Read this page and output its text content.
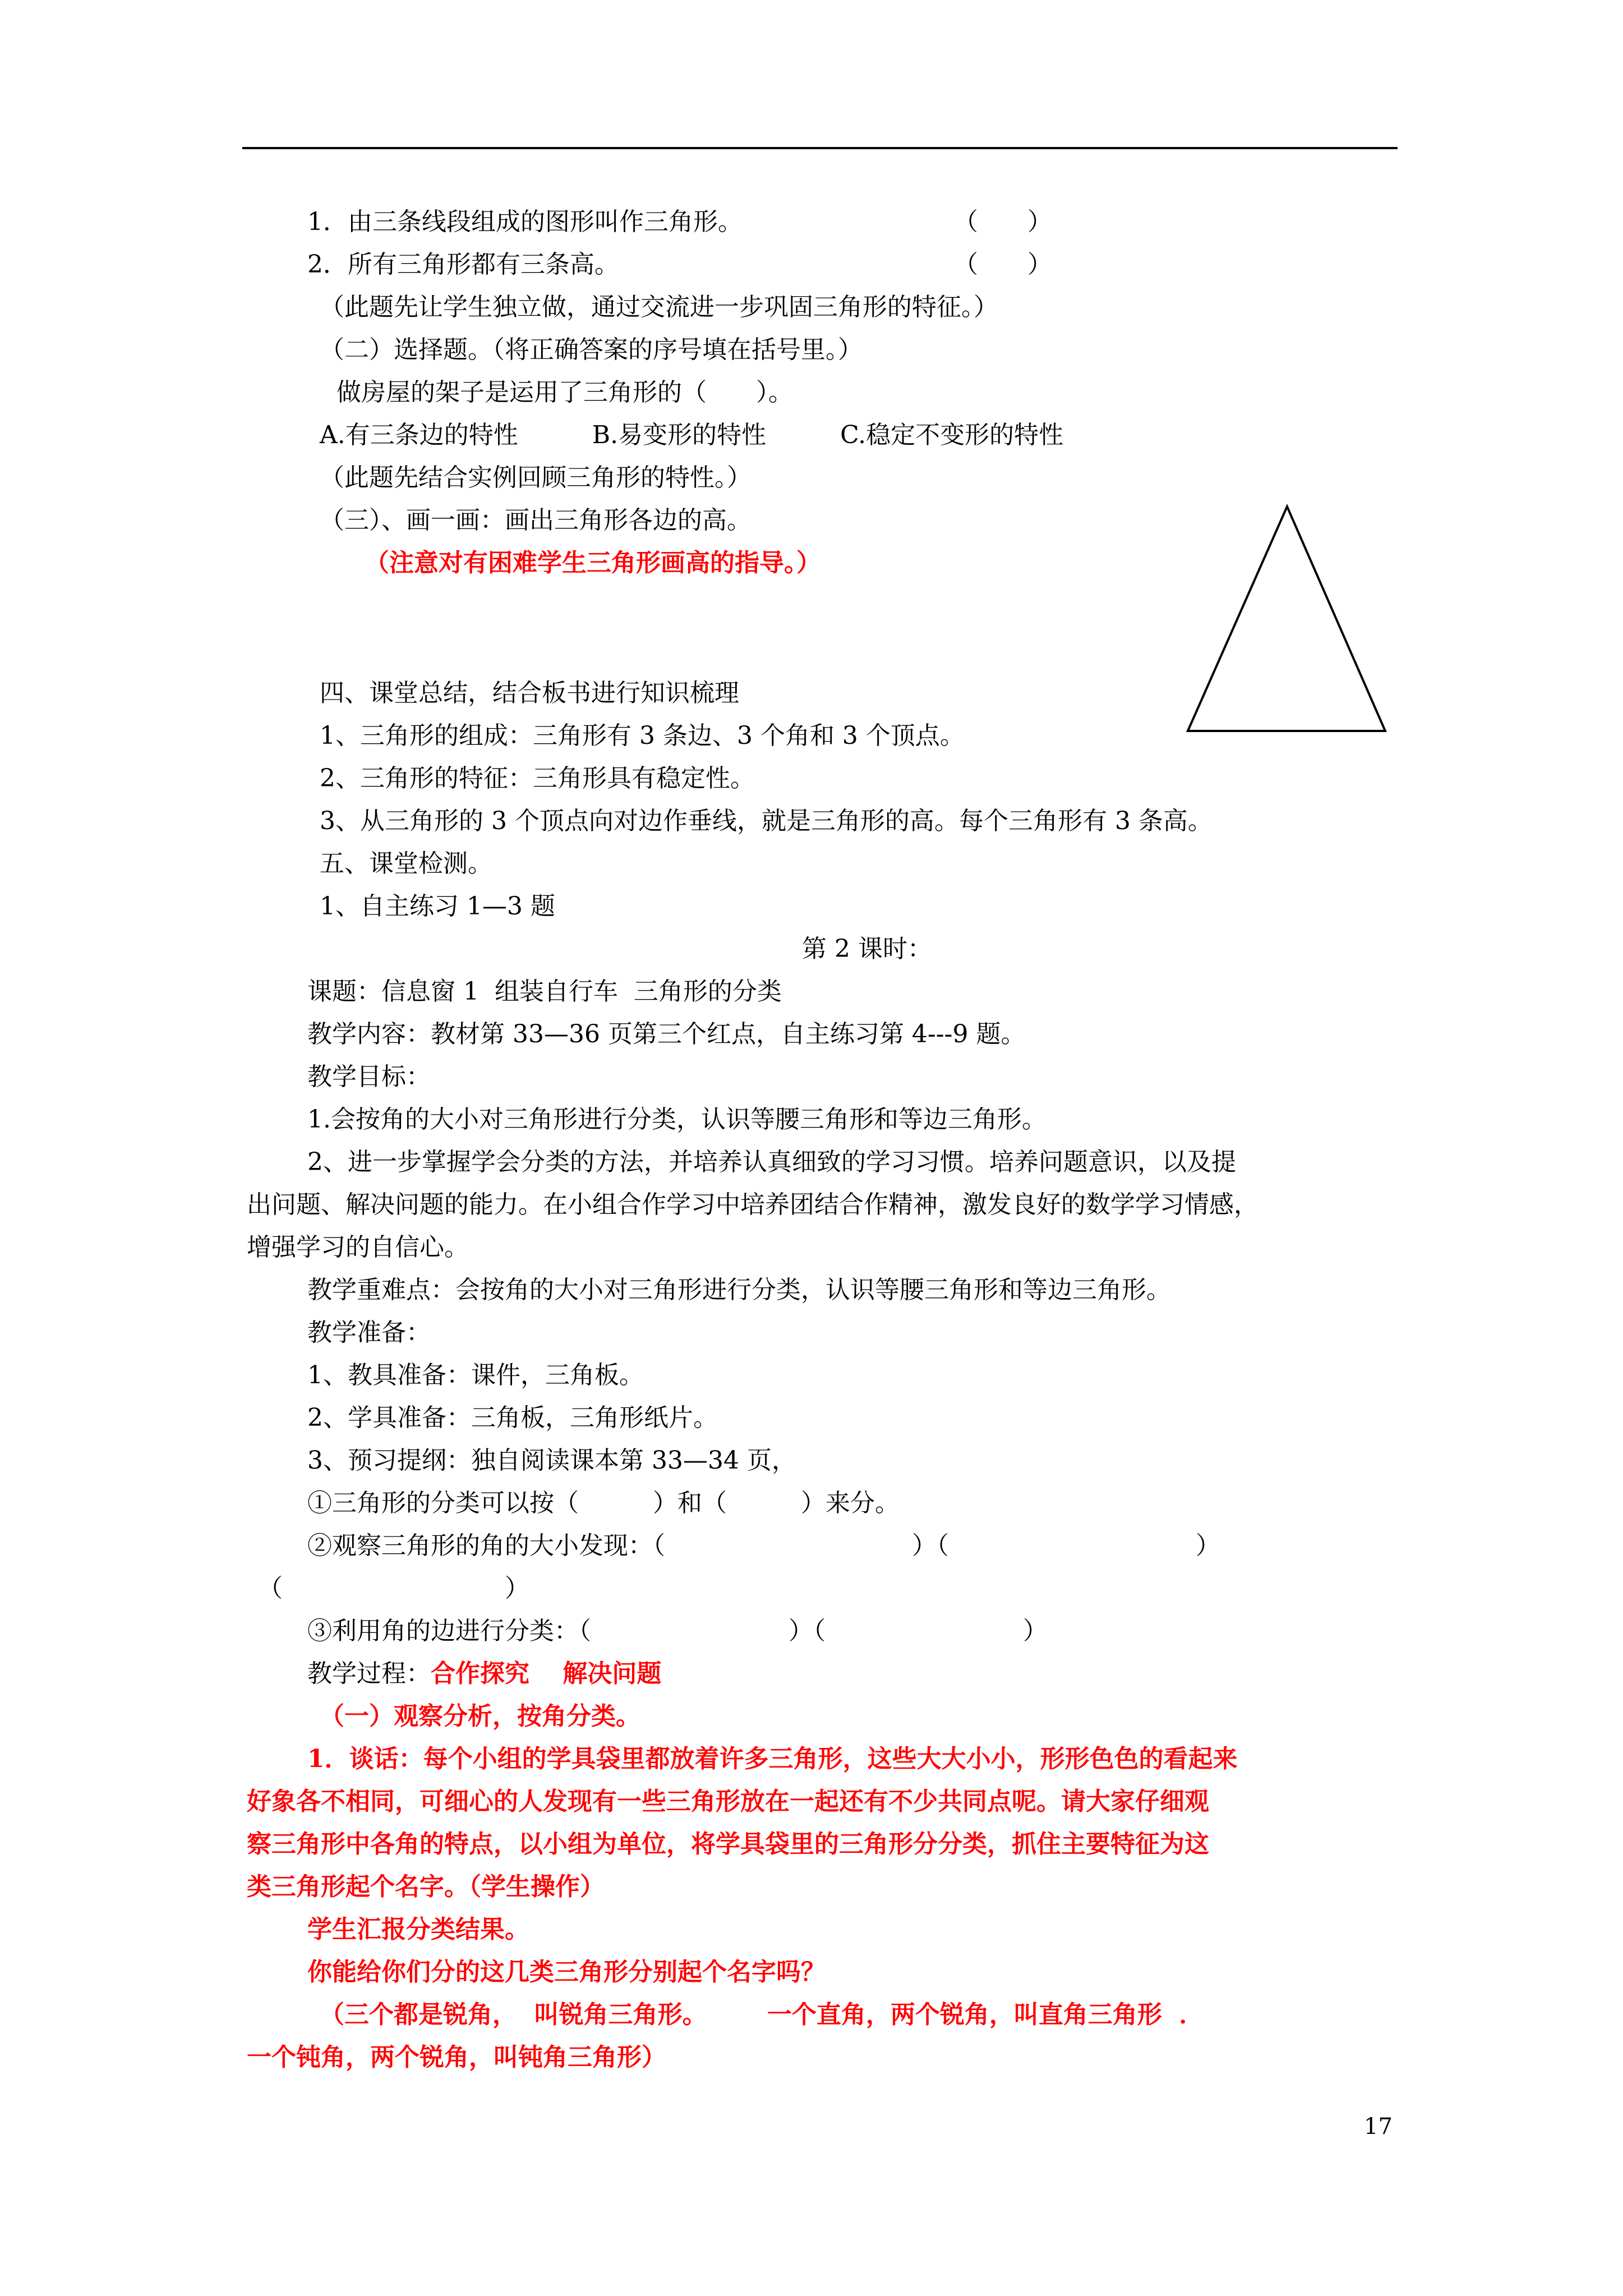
1．由三条线段组成的图形叫作三角形。
2．所有三角形都有三条高。
（此题先让学生独立做，通过交流进一步巩固三角形的特征。）
（二）选择题。（将正确答案的序号填在括号里。）
做房屋的架子是运用了三角形的（　　）。
A.有三条边的特性　　　B.易变形的特性　　　C.稳定不变形的特性
（此题先结合实例回顾三角形的特性。）
（三）、画一画：画出三角形各边的高。
（注意对有困难学生三角形画高的指导。）
四、课堂总结，结合板书进行知识梳理
1、三角形的组成：三角形有 3 条边、3 个角和 3 个顶点。
2、三角形的特征：三角形具有稳定性。
3、从三角形的 3 个顶点向对边作垂线，就是三角形的高。每个三角形有 3 条高。
五、课堂检测。
1、自主练习 1—3 题
第 2 课时：
课题：信息窗 1  组装自行车  三角形的分类
教学内容：教材第 33—36 页第三个红点，自主练习第 4---9 题。
教学目标：
1.会按角的大小对三角形进行分类，认识等腰三角形和等边三角形。
2、进一步掌握学会分类的方法，并培养认真细致的学习习惯。培养问题意识，以及提
出问题、解决问题的能力。在小组合作学习中培养团结合作精神，激发良好的数学学习情感，
增强学习的自信心。
教学重难点：会按角的大小对三角形进行分类，认识等腰三角形和等边三角形。
教学准备：
1、教具准备：课件，三角板。
2、学具准备：三角板，三角形纸片。
3、预习提纲：独自阅读课本第 33—34 页，
①三角形的分类可以按（　　　）和（　　　）来分。
②观察三角形的角的大小发现：（　　　　　　　　　　）（　　　　　　　　　　）
（　　　　　　　　　）
③利用角的边进行分类：（　　　　　　　　）（　　　　　　　　）
教学过程：合作探究　 解决问题
（一）观察分析，按角分类。
1．谈话：每个小组的学具袋里都放着许多三角形，这些大大小小，形形色色的看起来
好象各不相同，可细心的人发现有一些三角形放在一起还有不少共同点呢。请大家仔细观
察三角形中各角的特点，以小组为单位，将学具袋里的三角形分分类，抓住主要特征为这
类三角形起个名字。（学生操作）
学生汇报分类结果。
你能给你们分的这几类三角形分别起个名字吗？
（三个都是锐角，  叫锐角三角形。       一个直角，两个锐角，叫直角三角形  ．
一个钝角，两个锐角，叫钝角三角形）
（　　）
（　　）
17
